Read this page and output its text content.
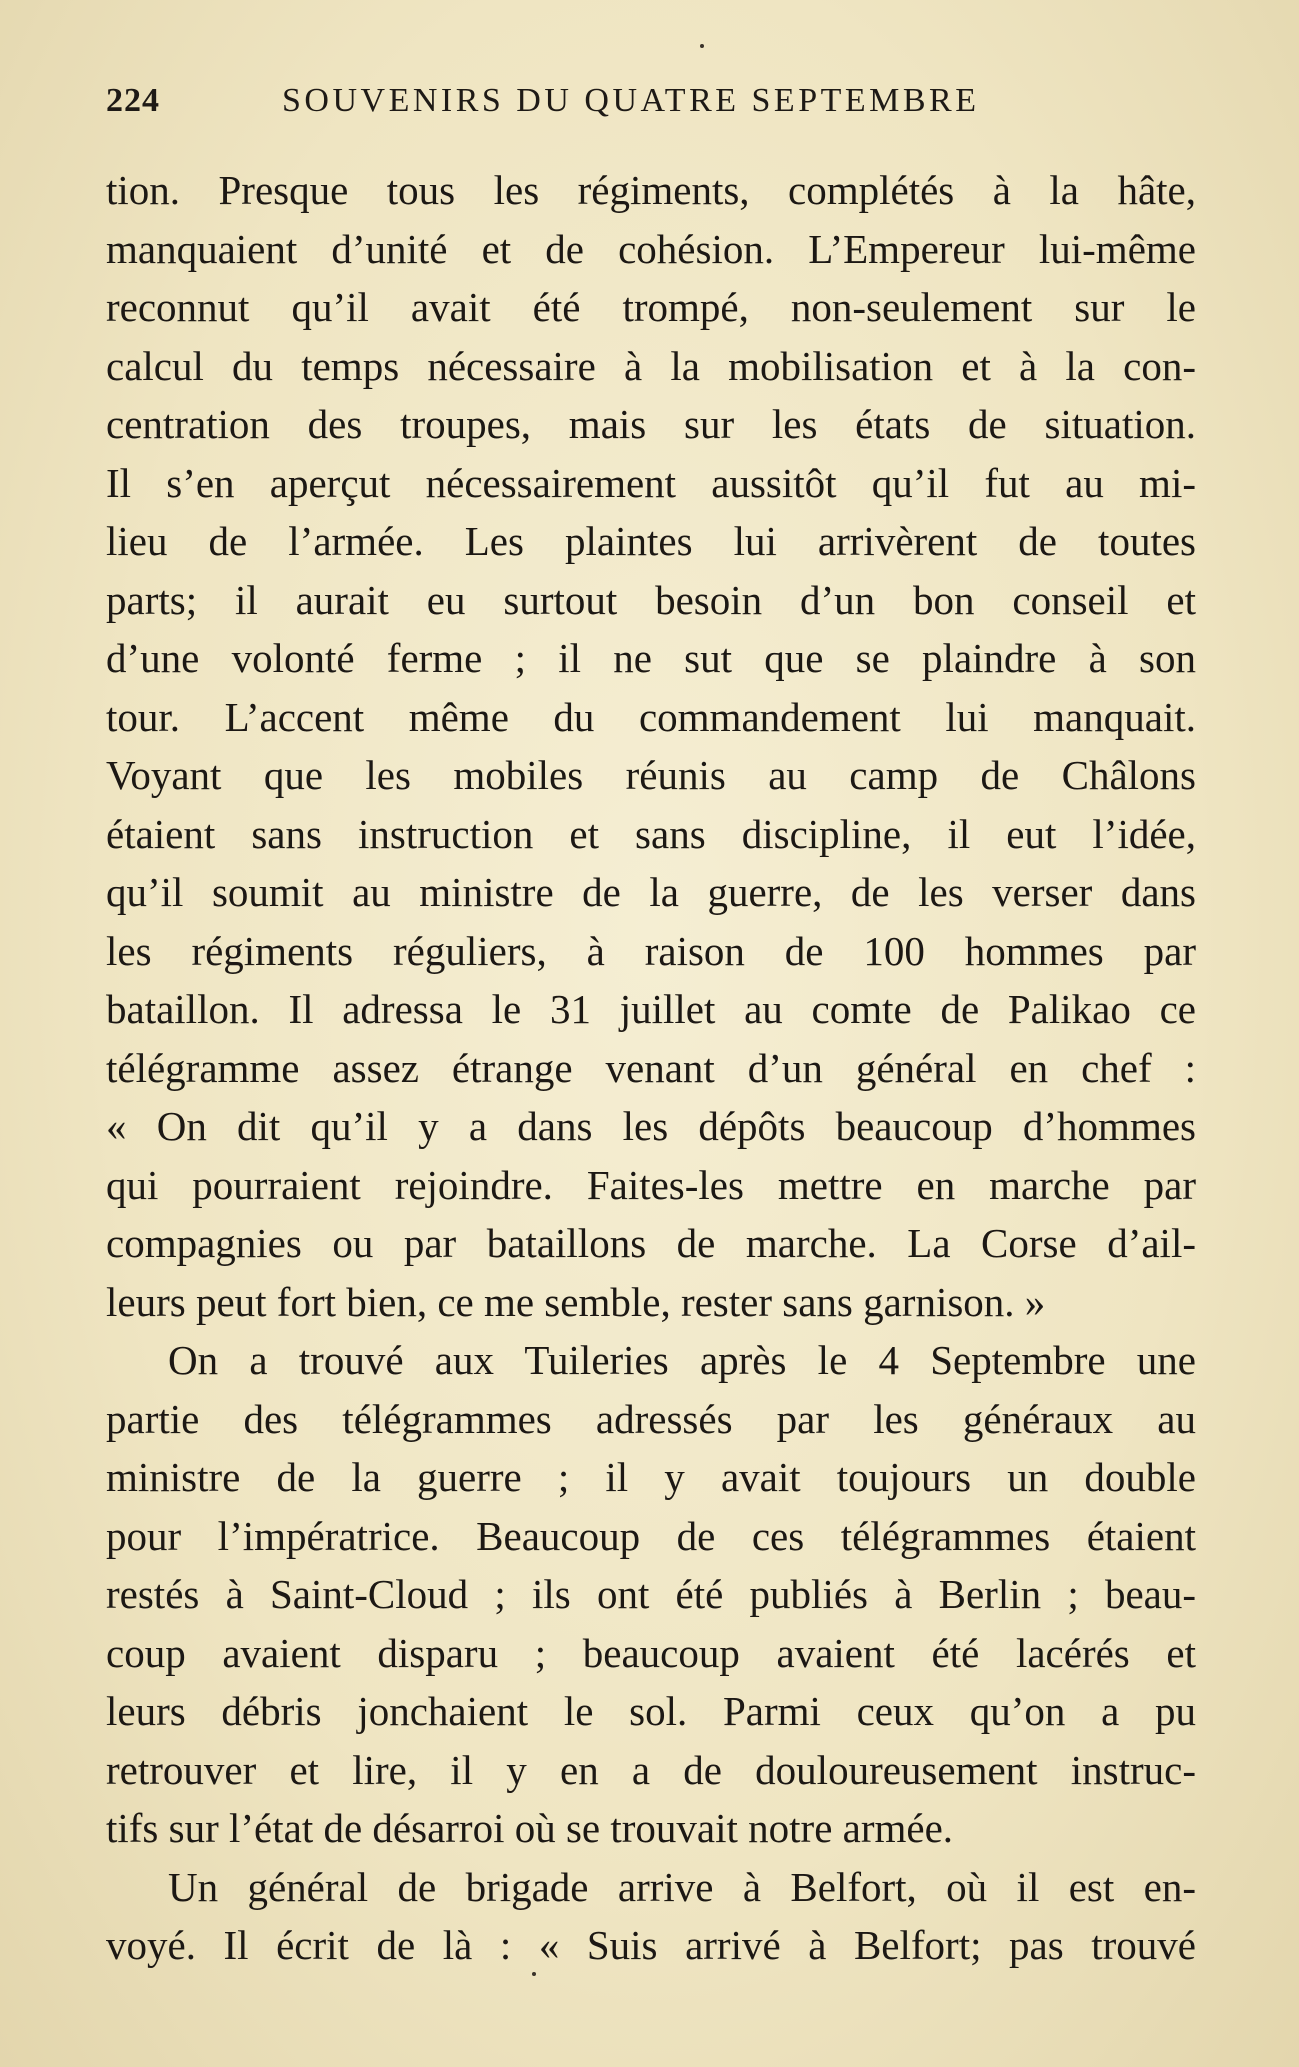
224	SOUVENIRS DU QUATRE SEPTEMBRE
tion. Presque tous les régiments, complétés à la hâte,
manquaient d’unité et de cohésion. L’Empereur lui-même
reconnut qu’il avait été trompé, non-seulement sur le
calcul du temps nécessaire à la mobilisation et à la con-
centration des troupes, mais sur les états de situation.
Il s’en aperçut nécessairement aussitôt qu’il fut au mi-
lieu de l’armée. Les plaintes lui arrivèrent de toutes
parts; il aurait eu surtout besoin d’un bon conseil et
d’une volonté ferme ; il ne sut que se plaindre à son
tour. L’accent même du commandement lui manquait.
Voyant que les mobiles réunis au camp de Châlons
étaient sans instruction et sans discipline, il eut l’idée,
qu’il soumit au ministre de la guerre, de les verser dans
les régiments réguliers, à raison de 100 hommes par
bataillon. Il adressa le 31 juillet au comte de Palikao ce
télégramme assez étrange venant d’un général en chef :
« On dit qu’il y a dans les dépôts beaucoup d’hommes
qui pourraient rejoindre. Faites-les mettre en marche par
compagnies ou par bataillons de marche. La Corse d’ail-
leurs peut fort bien, ce me semble, rester sans garnison. »
On a trouvé aux Tuileries après le 4 Septembre une
partie des télégrammes adressés par les généraux au
ministre de la guerre ; il y avait toujours un double
pour l’impératrice. Beaucoup de ces télégrammes étaient
restés à Saint-Cloud ; ils ont été publiés à Berlin ; beau-
coup avaient disparu ; beaucoup avaient été lacérés et
leurs débris jonchaient le sol. Parmi ceux qu’on a pu
retrouver et lire, il y en a de douloureusement instruc-
tifs sur l’état de désarroi où se trouvait notre armée.
Un général de brigade arrive à Belfort, où il est en-
voyé. Il écrit de là : « Suis arrivé à Belfort; pas trouvé
